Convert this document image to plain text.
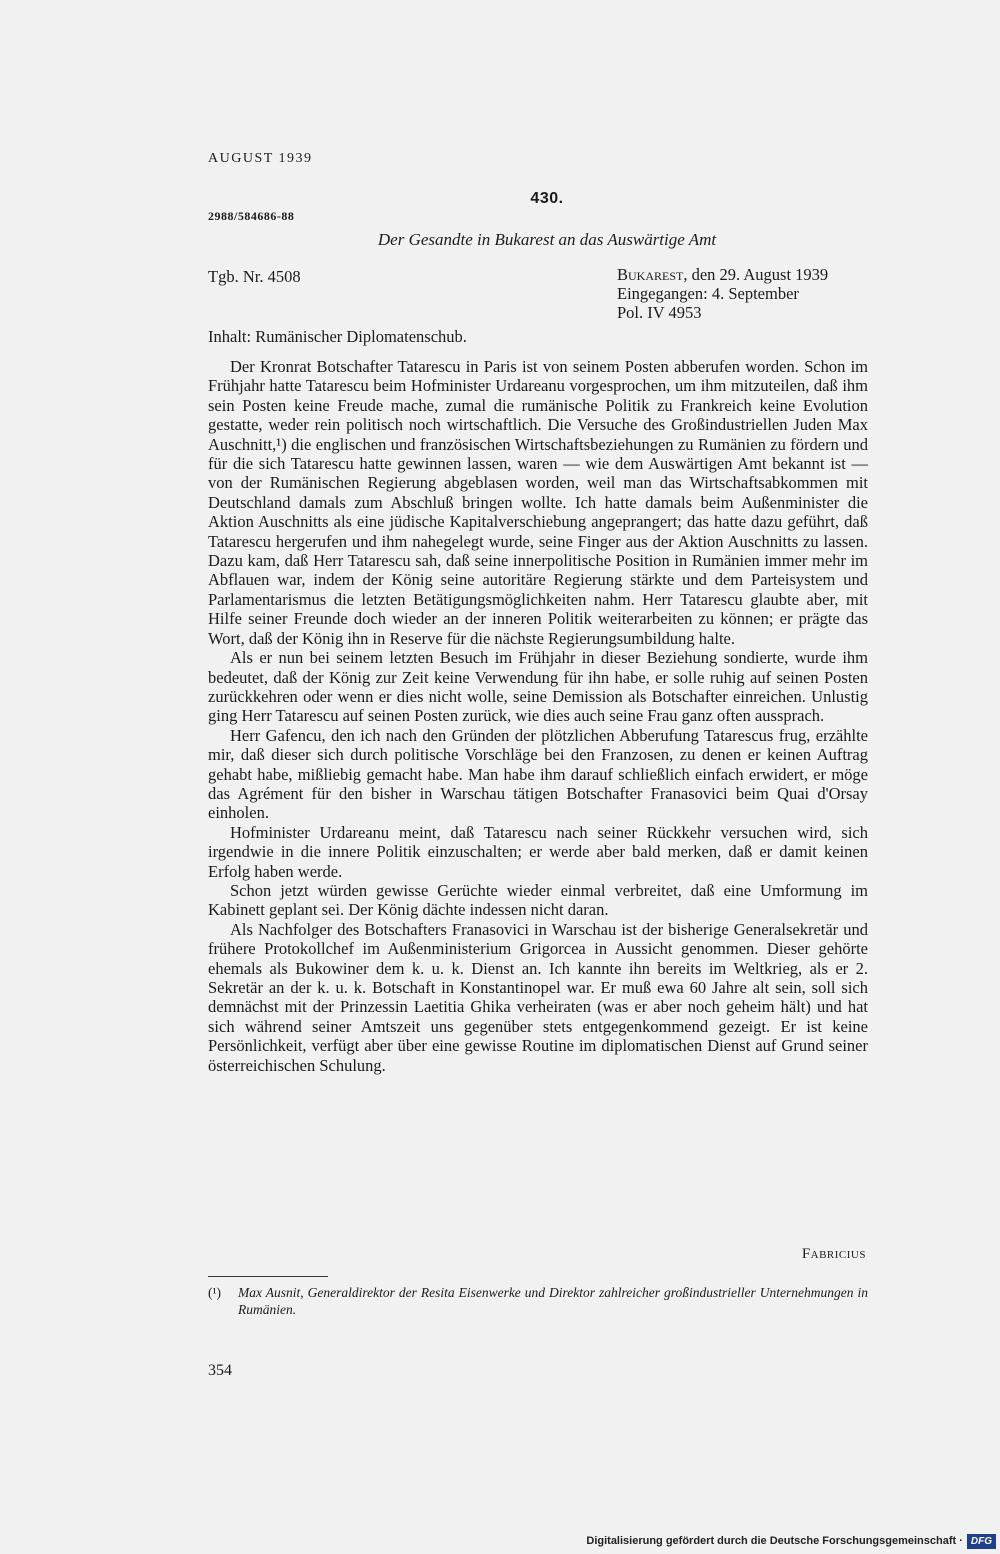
AUGUST 1939
430.
2988/584686-88
Der Gesandte in Bukarest an das Auswärtige Amt
Tgb. Nr. 4508	Bukarest, den 29. August 1939
Eingegangen: 4. September
Pol. IV 4953
Inhalt: Rumänischer Diplomatenschub.

Der Kronrat Botschafter Tatarescu in Paris ist von seinem Posten abberufen worden. Schon im Frühjahr hatte Tatarescu beim Hofminister Urdareanu vorgesprochen, um ihm mitzuteilen, daß ihm sein Posten keine Freude mache, zumal die rumänische Politik zu Frankreich keine Evolution gestatte, weder rein politisch noch wirtschaftlich. Die Versuche des Großindustriellen Juden Max Auschnitt,¹) die englischen und französischen Wirtschaftsbeziehungen zu Rumänien zu fördern und für die sich Tatarescu hatte gewinnen lassen, waren — wie dem Auswärtigen Amt bekannt ist — von der Rumänischen Regierung abgeblasen worden, weil man das Wirtschaftsabkommen mit Deutschland damals zum Abschluß bringen wollte. Ich hatte damals beim Außenminister die Aktion Auschnitts als eine jüdische Kapitalverschiebung angeprangert; das hatte dazu geführt, daß Tatarescu hergerufen und ihm nahegelegt wurde, seine Finger aus der Aktion Auschnitts zu lassen. Dazu kam, daß Herr Tatarescu sah, daß seine innerpolitische Position in Rumänien immer mehr im Abflauen war, indem der König seine autoritäre Regierung stärkte und dem Parteisystem und Parlamentarismus die letzten Betätigungsmöglichkeiten nahm. Herr Tatarescu glaubte aber, mit Hilfe seiner Freunde doch wieder an der inneren Politik weiterarbeiten zu können; er prägte das Wort, daß der König ihn in Reserve für die nächste Regierungsumbildung halte.

Als er nun bei seinem letzten Besuch im Frühjahr in dieser Beziehung sondierte, wurde ihm bedeutet, daß der König zur Zeit keine Verwendung für ihn habe, er solle ruhig auf seinen Posten zurückkehren oder wenn er dies nicht wolle, seine Demission als Botschafter einreichen. Unlustig ging Herr Tatarescu auf seinen Posten zurück, wie dies auch seine Frau ganz often aussprach.

Herr Gafencu, den ich nach den Gründen der plötzlichen Abberufung Tatarescus frug, erzählte mir, daß dieser sich durch politische Vorschläge bei den Franzosen, zu denen er keinen Auftrag gehabt habe, mißliebig gemacht habe. Man habe ihm darauf schließlich einfach erwidert, er möge das Agrément für den bisher in Warschau tätigen Botschafter Franasovici beim Quai d'Orsay einholen.

Hofminister Urdareanu meint, daß Tatarescu nach seiner Rückkehr versuchen wird, sich irgendwie in die innere Politik einzuschalten; er werde aber bald merken, daß er damit keinen Erfolg haben werde.

Schon jetzt würden gewisse Gerüchte wieder einmal verbreitet, daß eine Umformung im Kabinett geplant sei. Der König dächte indessen nicht daran.

Als Nachfolger des Botschafters Franasovici in Warschau ist der bisherige Generalsekretär und frühere Protokollchef im Außenministerium Grigorcea in Aussicht genommen. Dieser gehörte ehemals als Bukowiner dem k. u. k. Dienst an. Ich kannte ihn bereits im Weltkrieg, als er 2. Sekretär an der k. u. k. Botschaft in Konstantinopel war. Er muß ewa 60 Jahre alt sein, soll sich demnächst mit der Prinzessin Laetitia Ghika verheiraten (was er aber noch geheim hält) und hat sich während seiner Amtszeit uns gegenüber stets entgegenkommend gezeigt. Er ist keine Persönlichkeit, verfügt aber über eine gewisse Routine im diplomatischen Dienst auf Grund seiner österreichischen Schulung.

Fabricius
(¹) Max Ausnit, Generaldirektor der Resita Eisenwerke und Direktor zahlreicher großindustrieller Unternehmungen in Rumänien.
354
Digitalisierung gefördert durch die Deutsche Forschungsgemeinschaft · DFG
